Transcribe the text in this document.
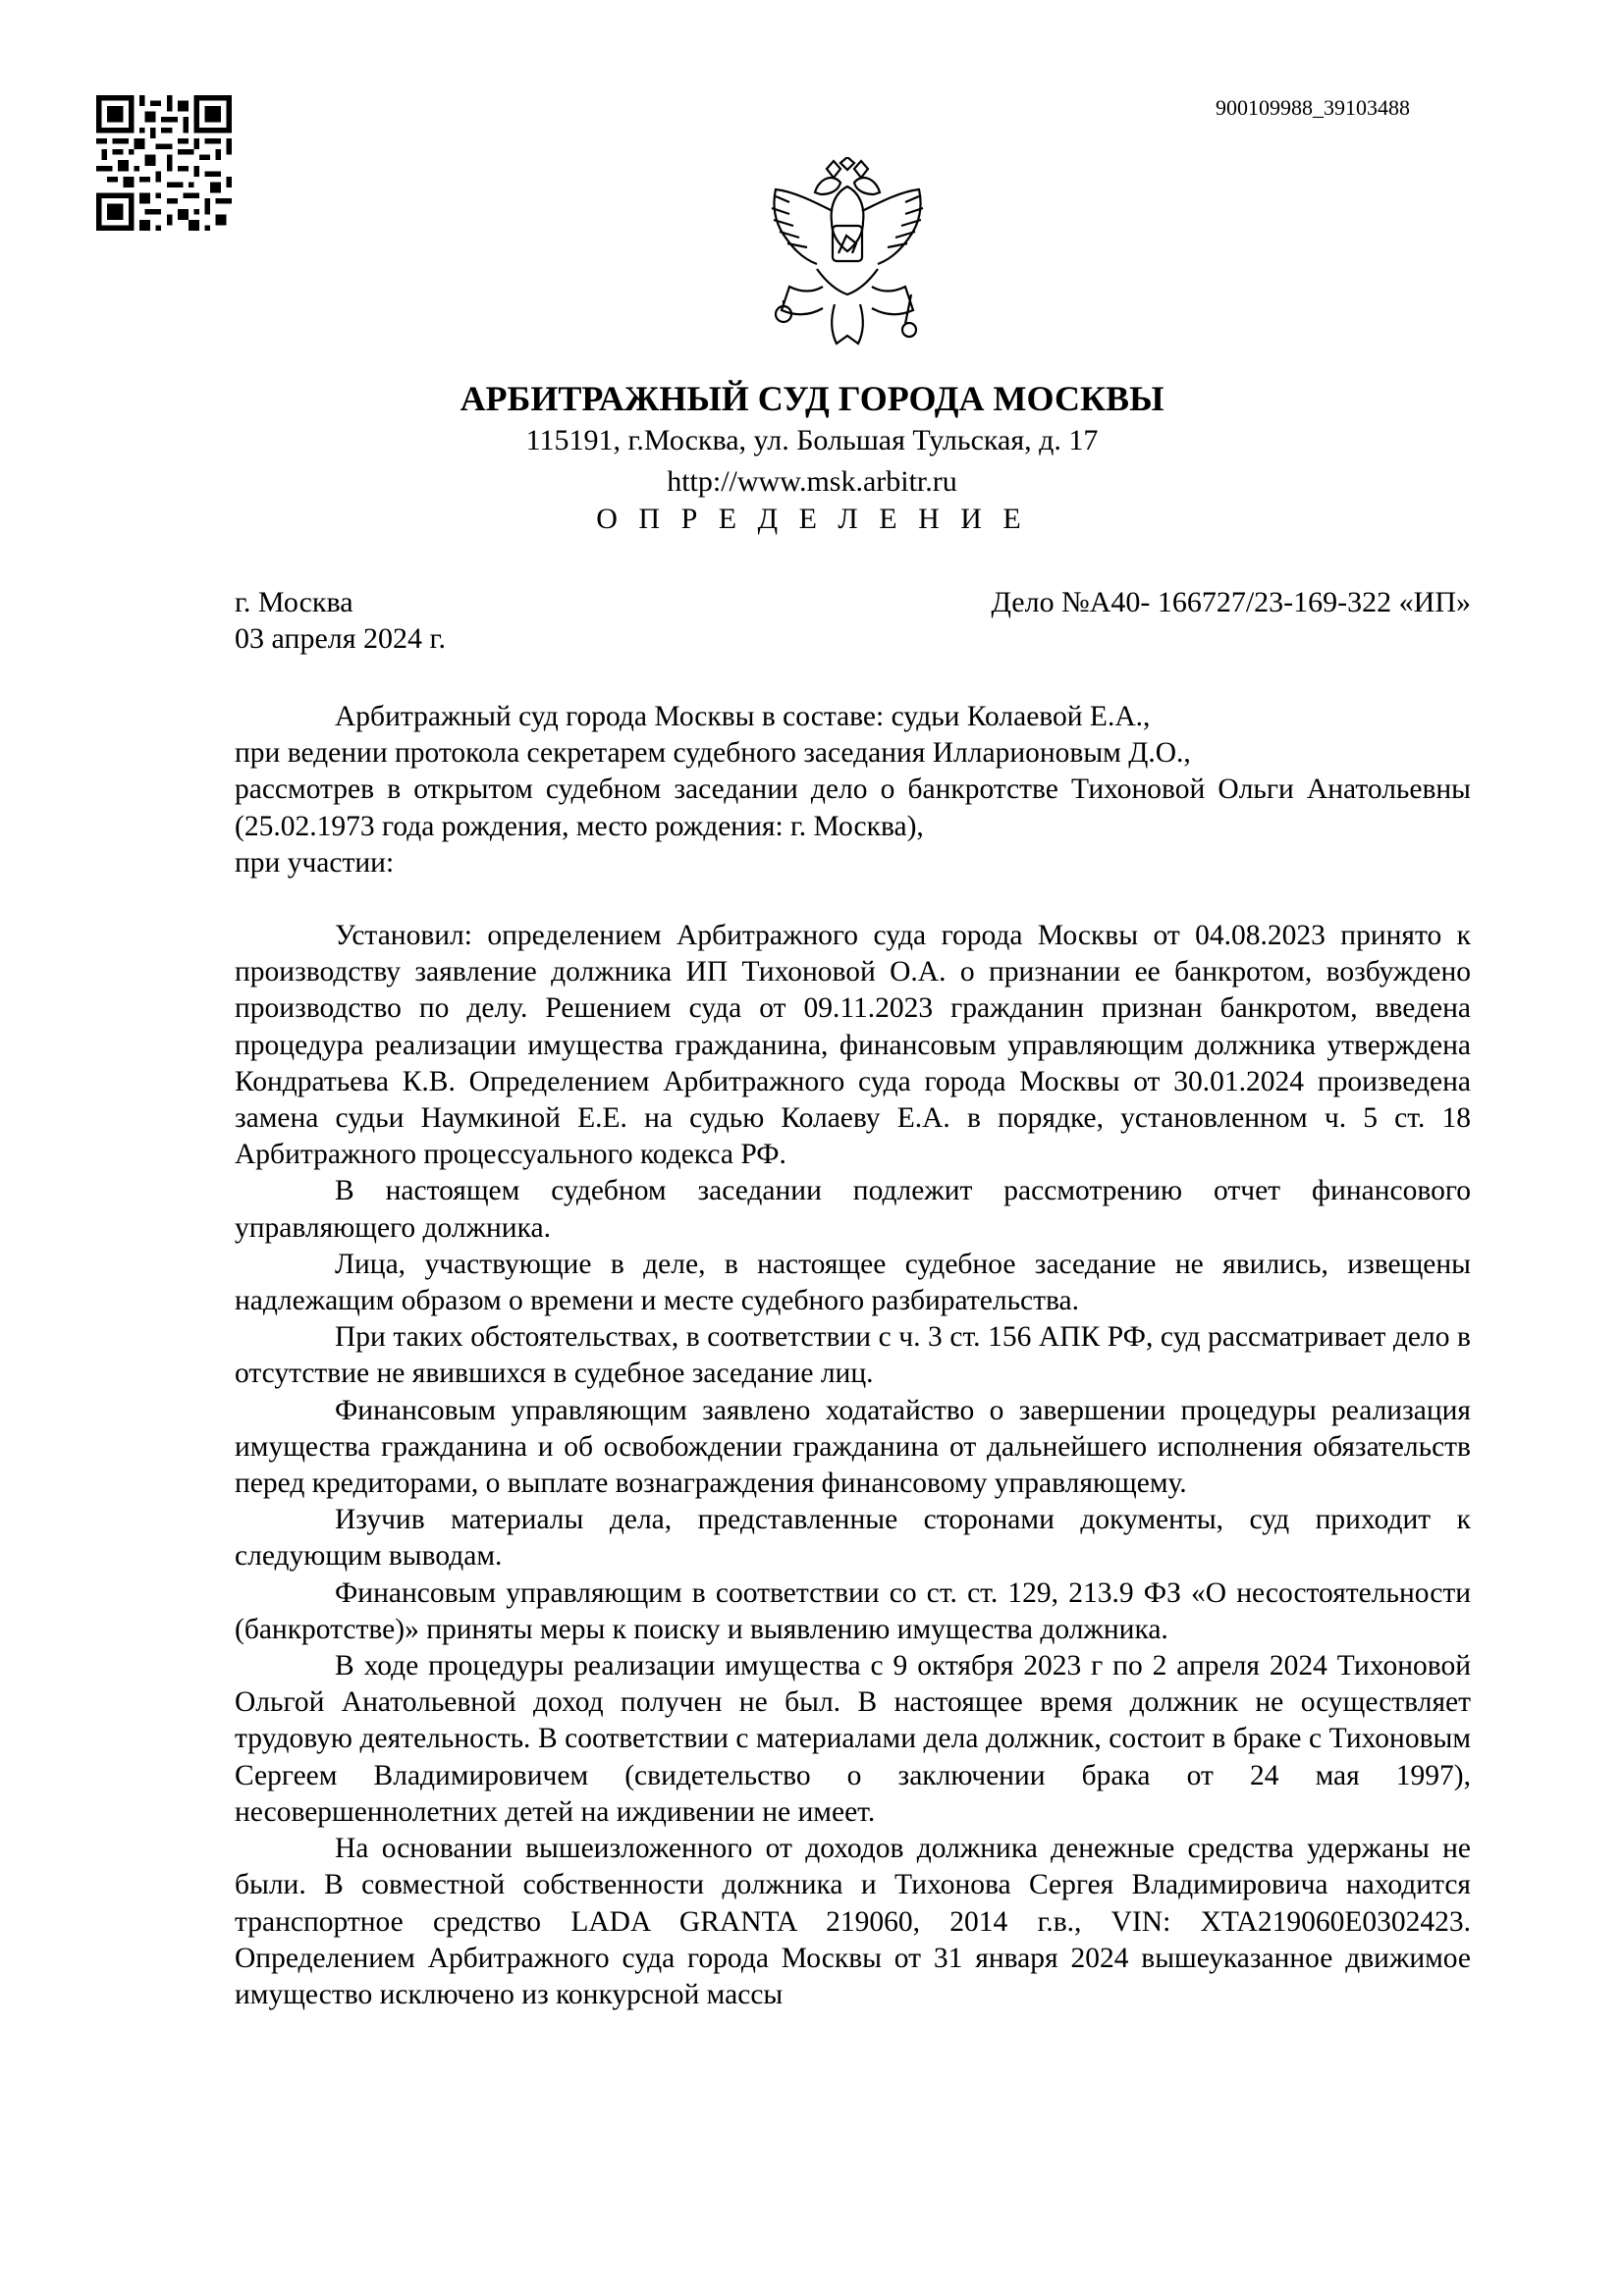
900109988_39103488
АРБИТРАЖНЫЙ СУД ГОРОДА МОСКВЫ
115191, г.Москва, ул. Большая Тульская, д. 17
http://www.msk.arbitr.ru
О П Р Е Д Е Л Е Н И Е
г. Москва
03 апреля 2024 г.
Дело №А40- 166727/23-169-322 «ИП»

Арбитражный суд города Москвы в составе: судьи Колаевой Е.А.,

при ведении протокола секретарем судебного заседания Илларионовым Д.О.,

рассмотрев в открытом судебном заседании дело о банкротстве Тихоновой Ольги Анатольевны (25.02.1973 года рождения, место рождения: г. Москва),

при участии:

Установил: определением Арбитражного суда города Москвы от 04.08.2023 принято к производству заявление должника ИП Тихоновой О.А. о признании ее банкротом, возбуждено производство по делу. Решением суда от 09.11.2023 гражданин признан банкротом, введена процедура реализации имущества гражданина, финансовым управляющим должника утверждена Кондратьева К.В. Определением Арбитражного суда города Москвы от 30.01.2024 произведена замена судьи Наумкиной Е.Е. на судью Колаеву Е.А. в порядке, установленном ч. 5 ст. 18 Арбитражного процессуального кодекса РФ.

В настоящем судебном заседании подлежит рассмотрению отчет финансового управляющего должника.

Лица, участвующие в деле, в настоящее судебное заседание не явились, извещены надлежащим образом о времени и месте судебного разбирательства.

При таких обстоятельствах, в соответствии с ч. 3 ст. 156 АПК РФ, суд рассматривает дело в отсутствие не явившихся в судебное заседание лиц.

Финансовым управляющим заявлено ходатайство о завершении процедуры реализация имущества гражданина и об освобождении гражданина от дальнейшего исполнения обязательств перед кредиторами, о выплате вознаграждения финансовому управляющему.

Изучив материалы дела, представленные сторонами документы, суд приходит к следующим выводам.

Финансовым управляющим в соответствии со ст. ст. 129, 213.9 ФЗ «О несостоятельности (банкротстве)» приняты меры к поиску и выявлению имущества должника.

В ходе процедуры реализации имущества с 9 октября 2023 г по 2 апреля 2024 Тихоновой Ольгой Анатольевной доход получен не был. В настоящее время должник не осуществляет трудовую деятельность. В соответствии с материалами дела должник, состоит в браке с Тихоновым Сергеем Владимировичем (свидетельство о заключении брака от 24 мая 1997), несовершеннолетних детей на иждивении не имеет.

На основании вышеизложенного от доходов должника денежные средства удержаны не были. В совместной собственности должника и Тихонова Сергея Владимировича находится транспортное средство LADA GRANTA 219060, 2014 г.в., VIN: XTA219060E0302423. Определением Арбитражного суда города Москвы от 31 января 2024 вышеуказанное движимое имущество исключено из конкурсной массы
